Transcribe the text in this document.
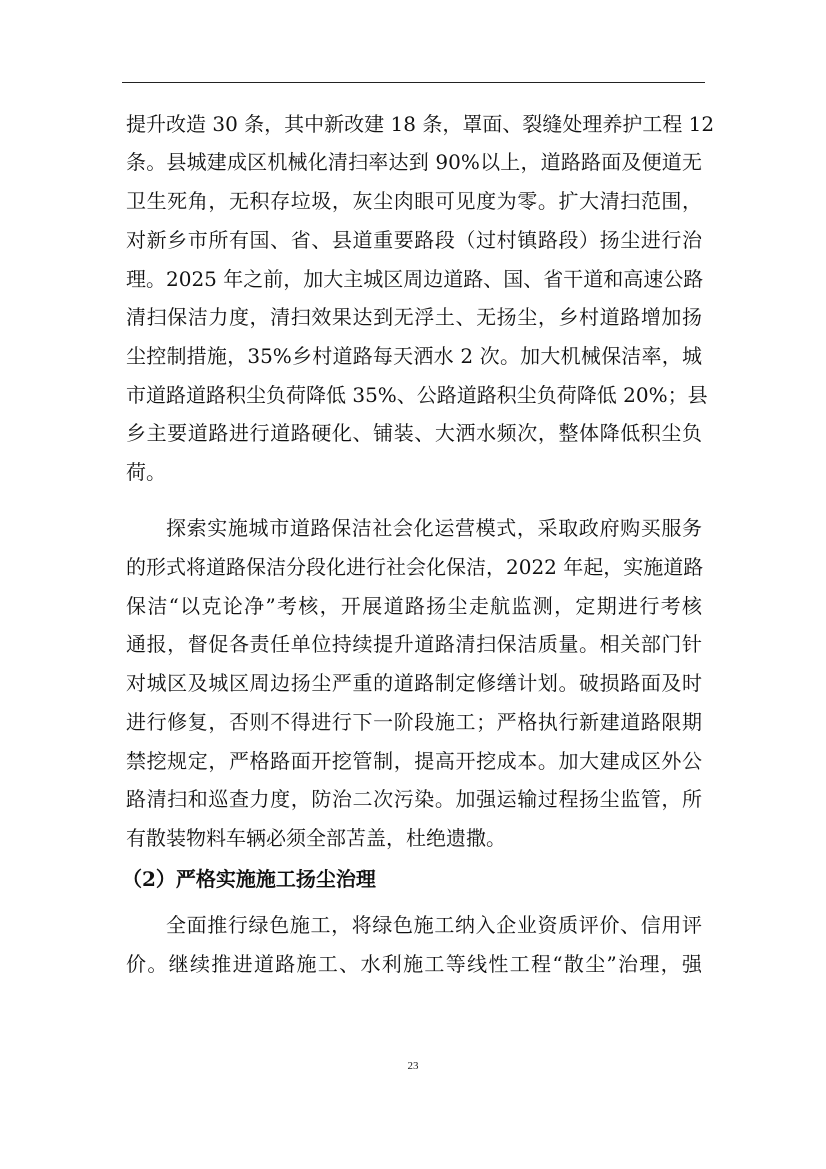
提升改造 30 条，其中新改建 18 条，罩面、裂缝处理养护工程 12
条。县城建成区机械化清扫率达到 90%以上，道路路面及便道无
卫生死角，无积存垃圾，灰尘肉眼可见度为零。扩大清扫范围，
对新乡市所有国、省、县道重要路段（过村镇路段）扬尘进行治
理。2025 年之前，加大主城区周边道路、国、省干道和高速公路
清扫保洁力度，清扫效果达到无浮土、无扬尘，乡村道路增加扬
尘控制措施，35%乡村道路每天洒水 2 次。加大机械保洁率，城
市道路道路积尘负荷降低 35%、公路道路积尘负荷降低 20%；县
乡主要道路进行道路硬化、铺装、大洒水频次，整体降低积尘负
荷。
探索实施城市道路保洁社会化运营模式，采取政府购买服务
的形式将道路保洁分段化进行社会化保洁，2022 年起，实施道路
保洁“以克论净”考核，开展道路扬尘走航监测，定期进行考核
通报，督促各责任单位持续提升道路清扫保洁质量。相关部门针
对城区及城区周边扬尘严重的道路制定修缮计划。破损路面及时
进行修复，否则不得进行下一阶段施工；严格执行新建道路限期
禁挖规定，严格路面开挖管制，提高开挖成本。加大建成区外公
路清扫和巡查力度，防治二次污染。加强运输过程扬尘监管，所
有散装物料车辆必须全部苫盖，杜绝遗撒。
（2）严格实施施工扬尘治理
全面推行绿色施工，将绿色施工纳入企业资质评价、信用评
价。继续推进道路施工、水利施工等线性工程“散尘”治理，强
23
